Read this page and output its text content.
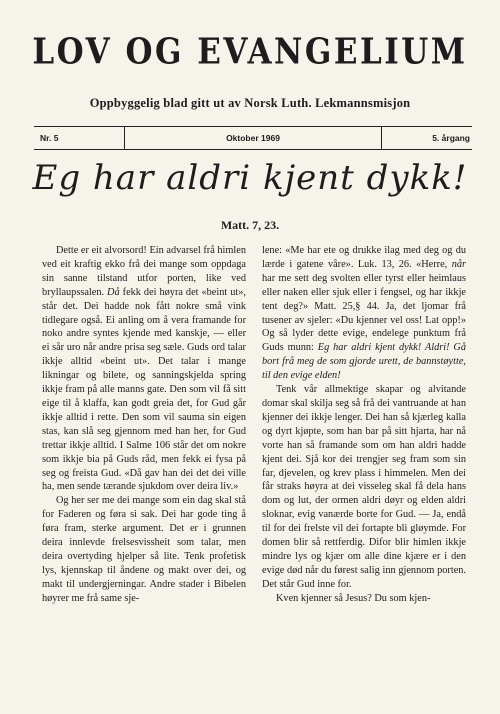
LOV OG EVANGELIUM
Oppbyggelig blad gitt ut av Norsk Luth. Lekmannsmisjon
Nr. 5	Oktober 1969	5. årgang
Eg har aldri kjent dykk!
Matt. 7, 23.

Dette er eit alvorsord! Ein advarsel frå himlen ved eit kraftig ekko frå dei mange som oppdaga sin sanne tilstand utfor porten, like ved bryllaupssalen. Då fekk dei høyra det «beint ut», står det. Dei hadde nok fått nokre små vink tidlegare også. Ei anling om å vera framande for noko andre syntes kjende med kanskje, — eller ei sår uro når andre prisa seg sæle. Guds ord talar ikkje alltid «beint ut». Det talar i mange likningar og bilete, og sanningskjelda spring ikkje fram på alle manns gate. Den som vil få sitt eige til å klaffa, kan godt greia det, for Gud går ikkje alltid i rette. Den som vil sauma sin eigen stas, kan slå seg gjennom med han her, for Gud trettar ikkje alltid. I Salme 106 står det om nokre som ikkje bia på Guds råd, men fekk ei fysa på seg og freista Gud. «Då gav han dei det dei ville ha, men sende tærande sjukdom over deira liv.»

Og her ser me dei mange som ein dag skal stå for Faderen og føra si sak. Dei har gode ting å føra fram, sterke argument. Det er i grunnen deira innlevde frelsesvissheit som talar, men deira overtyding hjelper så lite. Tenk profetisk lys, kjennskap til åndene og makt over dei, og makt til undergjerningar. Andre stader i Bibelen høyrer me frå same sje-

lene: «Me har ete og drukke ilag med deg og du lærde i gatene våre». Luk. 13, 26. «Herre, når har me sett deg svolten eller tyrst eller heimlaus eller naken eller sjuk eller i fengsel, og har ikkje tent deg?» Matt. 25,§ 44. Ja, det ljomar frå tusener av sjeler: «Du kjenner vel oss! Lat opp!» Og så lyder dette evige, endelege punktum frå Guds munn: Eg har aldri kjent dykk! Aldri! Gå bort frå meg de som gjorde urett, de bannstøytte, til den evige elden!

Tenk vår allmektige skapar og alvitande domar skal skilja seg så frå dei vantruande at han kjenner dei ikkje lenger. Dei han så kjærleg kalla og dyrt kjøpte, som han bar på sitt hjarta, har nå vorte han så framande som om han aldri hadde kjent dei. Sjå kor dei trengjer seg fram som sin far, djevelen, og krev plass i himmelen. Men dei får straks høyra at dei visseleg skal få dela hans dom og lut, der ormen aldri døyr og elden aldri sloknar, evig vanærde borte for Gud. — Ja, endå til for dei frelste vil dei fortapte bli gløymde. For domen blir så rettferdig. Difor blir himlen ikkje mindre lys og kjær om alle dine kjære er i den evige død når du førest salig inn gjennom porten. Det står Gud inne for.

Kven kjenner så Jesus? Du som kjen-
